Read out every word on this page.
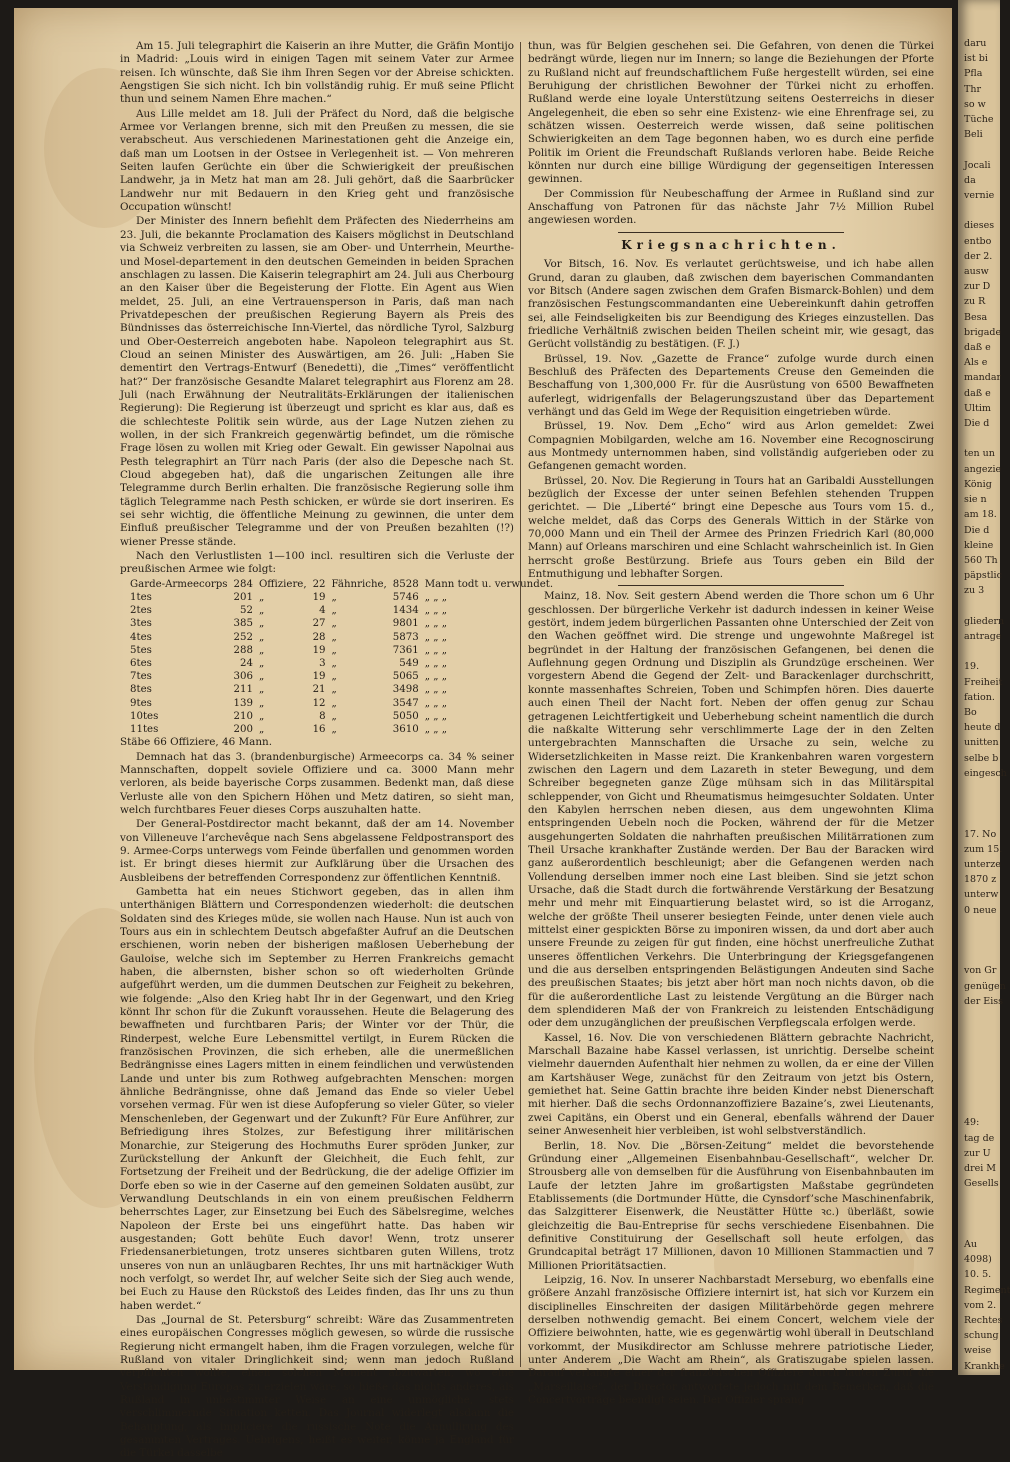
Am 15. Juli telegraphirt die Kaiserin an ihre Mutter, die Gräfin Montijo in Madrid: „Louis wird in einigen Tagen mit seinem Vater zur Armee reisen. Ich wünschte, daß Sie ihm Ihren Segen vor der Abreise schickten. Aengstigen Sie sich nicht. Ich bin vollständig ruhig. Er muß seine Pflicht thun und seinem Namen Ehre machen.“

Aus Lille meldet am 18. Juli der Präfect du Nord, daß die belgische Armee vor Verlangen brenne, sich mit den Preußen zu messen, die sie verabscheut. Aus verschiedenen Marinestationen geht die Anzeige ein, daß man um Lootsen in der Ostsee in Verlegenheit ist. — Von mehreren Seiten laufen Gerüchte ein über die Schwierigkeit der preußischen Landwehr, ja in Metz hat man am 28. Juli gehört, daß die Saarbrücker Landwehr nur mit Bedauern in den Krieg geht und französische Occupation wünscht!

Der Minister des Innern befiehlt dem Präfecten des Niederrheins am 23. Juli, die bekannte Proclamation des Kaisers möglichst in Deutschland via Schweiz verbreiten zu lassen, sie am Ober- und Unterrhein, Meurthe- und Mosel-departement in den deutschen Gemeinden in beiden Sprachen anschlagen zu lassen. Die Kaiserin telegraphirt am 24. Juli aus Cherbourg an den Kaiser über die Begeisterung der Flotte. Ein Agent aus Wien meldet, 25. Juli, an eine Vertrauensperson in Paris, daß man nach Privatdepeschen der preußischen Regierung Bayern als Preis des Bündnisses das österreichische Inn-Viertel, das nördliche Tyrol, Salzburg und Ober-Oesterreich angeboten habe. Napoleon telegraphirt aus St. Cloud an seinen Minister des Auswärtigen, am 26. Juli: „Haben Sie dementirt den Vertrags-Entwurf (Benedetti), die „Times“ veröffentlicht hat?“ Der französische Gesandte Malaret telegraphirt aus Florenz am 28. Juli (nach Erwähnung der Neutralitäts-Erklärungen der italienischen Regierung): Die Regierung ist überzeugt und spricht es klar aus, daß es die schlechteste Politik sein würde, aus der Lage Nutzen ziehen zu wollen, in der sich Frankreich gegenwärtig befindet, um die römische Frage lösen zu wollen mit Krieg oder Gewalt. Ein gewisser Napolnai aus Pesth telegraphirt an Türr nach Paris (der also die Depesche nach St. Cloud abgegeben hat), daß die ungarischen Zeitungen alle ihre Telegramme durch Berlin erhalten. Die französische Regierung solle ihm täglich Telegramme nach Pesth schicken, er würde sie dort inseriren. Es sei sehr wichtig, die öffentliche Meinung zu gewinnen, die unter dem Einfluß preußischer Telegramme und der von Preußen bezahlten (!?) wiener Presse stände.

Nach den Verlustlisten 1—100 incl. resultiren sich die Verluste der preußischen Armee wie folgt:

Garde-Armeecorps	284	Offiziere,	22	Fähnriche,	8528	Mann todt u. verwundet.
1tes	201	„	19	„	5746	„ „ „
2tes	52	„	4	„	1434	„ „ „
3tes	385	„	27	„	9801	„ „ „
4tes	252	„	28	„	5873	„ „ „
5tes	288	„	19	„	7361	„ „ „
6tes	24	„	3	„	549	„ „ „
7tes	306	„	19	„	5065	„ „ „
8tes	211	„	21	„	3498	„ „ „
9tes	139	„	12	„	3547	„ „ „
10tes	210	„	8	„	5050	„ „ „
11tes	200	„	16	„	3610	„ „ „

Stäbe 66 Offiziere, 46 Mann.

Demnach hat das 3. (brandenburgische) Armeecorps ca. 34 % seiner Mannschaften, doppelt soviele Offiziere und ca. 3000 Mann mehr verloren, als beide bayerische Corps zusammen. Bedenkt man, daß diese Verluste alle von den Spichern Höhen und Metz datiren, so sieht man, welch furchtbares Feuer dieses Corps auszuhalten hatte.

Der General-Postdirector macht bekannt, daß der am 14. November von Villeneuve l’archevêque nach Sens abgelassene Feldpostransport des 9. Armee-Corps unterwegs vom Feinde überfallen und genommen worden ist. Er bringt dieses hiermit zur Aufklärung über die Ursachen des Ausbleibens der betreffenden Correspondenz zur öffentlichen Kenntniß.

Gambetta hat ein neues Stichwort gegeben, das in allen ihm unterthänigen Blättern und Correspondenzen wiederholt: die deutschen Soldaten sind des Krieges müde, sie wollen nach Hause. Nun ist auch von Tours aus ein in schlechtem Deutsch abgefaßter Aufruf an die Deutschen erschienen, worin neben der bisherigen maßlosen Ueberhebung der Gauloise, welche sich im September zu Herren Frankreichs gemacht haben, die albernsten, bisher schon so oft wiederholten Gründe aufgeführt werden, um die dummen Deutschen zur Feigheit zu bekehren, wie folgende: „Also den Krieg habt Ihr in der Gegenwart, und den Krieg könnt Ihr schon für die Zukunft voraussehen. Heute die Belagerung des bewaffneten und furchtbaren Paris; der Winter vor der Thür, die Rinderpest, welche Eure Lebensmittel vertilgt, in Eurem Rücken die französischen Provinzen, die sich erheben, alle die unermeßlichen Bedrängnisse eines Lagers mitten in einem feindlichen und verwüstenden Lande und unter bis zum Rothweg aufgebrachten Menschen: morgen ähnliche Bedrängnisse, ohne daß Jemand das Ende so vieler Uebel vorsehen vermag. Für wen ist diese Aufopferung so vieler Güter, so vieler Menschenleben, der Gegenwart und der Zukunft? Für Eure Anführer, zur Befriedigung ihres Stolzes, zur Befestigung ihrer militärischen Monarchie, zur Steigerung des Hochmuths Eurer spröden Junker, zur Zurückstellung der Ankunft der Gleichheit, die Euch fehlt, zur Fortsetzung der Freiheit und der Bedrückung, die der adelige Offizier im Dorfe eben so wie in der Caserne auf den gemeinen Soldaten ausübt, zur Verwandlung Deutschlands in ein von einem preußischen Feldherrn beherrschtes Lager, zur Einsetzung bei Euch des Säbelsregime, welches Napoleon der Erste bei uns eingeführt hatte. Das haben wir ausgestanden; Gott behüte Euch davor! Wenn, trotz unserer Friedensanerbietungen, trotz unseres sichtbaren guten Willens, trotz unseres von nun an unläugbaren Rechtes, Ihr uns mit hartnäckiger Wuth noch verfolgt, so werdet Ihr, auf welcher Seite sich der Sieg auch wende, bei Euch zu Hause den Rückstoß des Leides finden, das Ihr uns zu thun haben werdet.“

Das „Journal de St. Petersburg“ schreibt: Wäre das Zusammentreten eines europäischen Congresses möglich gewesen, so würde die russische Regierung nicht ermangelt haben, ihm die Fragen vorzulegen, welche für Rußland von vitaler Dringlichkeit sind; wenn man jedoch Rußland verpflichten wollte, einen solchen Moment abzuwarten, wo eine Verständigung Europas zu erzielen wäre, so hieße das nichts anderes, als Rußland in unbestimmter Weise an eine unmögliche, stets verschlimmernde Situation ketten. Das Journal widerlegt alsdann die Behauptung, als impliciere die russische Note die Annullirung des gesammten Vertrages. Uebrigens, heißt es weiter, könne ja England für die Türkei dasselbe

thun, was für Belgien geschehen sei. Die Gefahren, von denen die Türkei bedrängt würde, liegen nur im Innern; so lange die Beziehungen der Pforte zu Rußland nicht auf freundschaftlichem Fuße hergestellt würden, sei eine Beruhigung der christlichen Bewohner der Türkei nicht zu erhoffen. Rußland werde eine loyale Unterstützung seitens Oesterreichs in dieser Angelegenheit, die eben so sehr eine Existenz- wie eine Ehrenfrage sei, zu schätzen wissen. Oesterreich werde wissen, daß seine politischen Schwierigkeiten an dem Tage begonnen haben, wo es durch eine perfide Politik im Orient die Freundschaft Rußlands verloren habe. Beide Reiche könnten nur durch eine billige Würdigung der gegenseitigen Interessen gewinnen.

Der Commission für Neubeschaffung der Armee in Rußland sind zur Anschaffung von Patronen für das nächste Jahr 7½ Million Rubel angewiesen worden.

Kriegsnachrichten.

Vor Bitsch, 16. Nov. Es verlautet gerüchtsweise, und ich habe allen Grund, daran zu glauben, daß zwischen dem bayerischen Commandanten vor Bitsch (Andere sagen zwischen dem Grafen Bismarck-Bohlen) und dem französischen Festungscommandanten eine Uebereinkunft dahin getroffen sei, alle Feindseligkeiten bis zur Beendigung des Krieges einzustellen. Das friedliche Verhältniß zwischen beiden Theilen scheint mir, wie gesagt, das Gerücht vollständig zu bestätigen. (F. J.)

Brüssel, 19. Nov. „Gazette de France“ zufolge wurde durch einen Beschluß des Präfecten des Departements Creuse den Gemeinden die Beschaffung von 1,300,000 Fr. für die Ausrüstung von 6500 Bewaffneten auferlegt, widrigenfalls der Belagerungszustand über das Departement verhängt und das Geld im Wege der Requisition eingetrieben würde.

Brüssel, 19. Nov. Dem „Echo“ wird aus Arlon gemeldet: Zwei Compagnien Mobilgarden, welche am 16. November eine Recognoscirung aus Montmedy unternommen haben, sind vollständig aufgerieben oder zu Gefangenen gemacht worden.

Brüssel, 20. Nov. Die Regierung in Tours hat an Garibaldi Ausstellungen bezüglich der Excesse der unter seinen Befehlen stehenden Truppen gerichtet. — Die „Liberté“ bringt eine Depesche aus Tours vom 15. d., welche meldet, daß das Corps des Generals Wittich in der Stärke von 70,000 Mann und ein Theil der Armee des Prinzen Friedrich Karl (80,000 Mann) auf Orleans marschiren und eine Schlacht wahrscheinlich ist. In Gien herrscht große Bestürzung. Briefe aus Tours geben ein Bild der Entmuthigung und lebhafter Sorgen.

Mainz, 18. Nov. Seit gestern Abend werden die Thore schon um 6 Uhr geschlossen. Der bürgerliche Verkehr ist dadurch indessen in keiner Weise gestört, indem jedem bürgerlichen Passanten ohne Unterschied der Zeit von den Wachen geöffnet wird. Die strenge und ungewohnte Maßregel ist begründet in der Haltung der französischen Gefangenen, bei denen die Auflehnung gegen Ordnung und Disziplin als Grundzüge erscheinen. Wer vorgestern Abend die Gegend der Zelt- und Barackenlager durchschritt, konnte massenhaftes Schreien, Toben und Schimpfen hören. Dies dauerte auch einen Theil der Nacht fort. Neben der offen genug zur Schau getragenen Leichtfertigkeit und Ueberhebung scheint namentlich die durch die naßkalte Witterung sehr verschlimmerte Lage der in den Zelten untergebrachten Mannschaften die Ursache zu sein, welche zu Widersetzlichkeiten in Masse reizt. Die Krankenbahren waren vorgestern zwischen den Lagern und dem Lazareth in steter Bewegung, und dem Schreiber begegneten ganze Züge mühsam sich in das Militärspital schleppender, von Gicht und Rheumatismus heimgesuchter Soldaten. Unter den Kabylen herrschen neben diesen, aus dem ungewohnten Klima entspringenden Uebeln noch die Pocken, während der für die Metzer ausgehungerten Soldaten die nahrhaften preußischen Militärrationen zum Theil Ursache krankhafter Zustände werden. Der Bau der Baracken wird ganz außerordentlich beschleunigt; aber die Gefangenen werden nach Vollendung derselben immer noch eine Last bleiben. Sind sie jetzt schon Ursache, daß die Stadt durch die fortwährende Verstärkung der Besatzung mehr und mehr mit Einquartierung belastet wird, so ist die Arroganz, welche der größte Theil unserer besiegten Feinde, unter denen viele auch mittelst einer gespickten Börse zu imponiren wissen, da und dort aber auch unsere Freunde zu zeigen für gut finden, eine höchst unerfreuliche Zuthat unseres öffentlichen Verkehrs. Die Unterbringung der Kriegsgefangenen und die aus derselben entspringenden Belästigungen Andeuten sind Sache des preußischen Staates; bis jetzt aber hört man noch nichts davon, ob die für die außerordentliche Last zu leistende Vergütung an die Bürger nach dem splendideren Maß der von Frankreich zu leistenden Entschädigung oder dem unzugänglichen der preußischen Verpflegscala erfolgen werde.

Kassel, 16. Nov. Die von verschiedenen Blättern gebrachte Nachricht, Marschall Bazaine habe Kassel verlassen, ist unrichtig. Derselbe scheint vielmehr dauernden Aufenthalt hier nehmen zu wollen, da er eine der Villen am Kartshäuser Wege, zunächst für den Zeitraum von jetzt bis Ostern, gemiethet hat. Seine Gattin brachte ihre beiden Kinder nebst Dienerschaft mit hierher. Daß die sechs Ordonnanzoffiziere Bazaine’s, zwei Lieutenants, zwei Capitäns, ein Oberst und ein General, ebenfalls während der Dauer seiner Anwesenheit hier verbleiben, ist wohl selbstverständlich.

Berlin, 18. Nov. Die „Börsen-Zeitung“ meldet die bevorstehende Gründung einer „Allgemeinen Eisenbahnbau-Gesellschaft“, welcher Dr. Strousberg alle von demselben für die Ausführung von Eisenbahnbauten im Laufe der letzten Jahre im großartigsten Maßstabe gegründeten Etablissements (die Dortmunder Hütte, die Cynsdorf’sche Maschinenfabrik, das Salzgitterer Eisenwerk, die Neustätter Hütte ꝛc.) überläßt, sowie gleichzeitig die Bau-Entreprise für sechs verschiedene Eisenbahnen. Die definitive Constituirung der Gesellschaft soll heute erfolgen, das Grundcapital beträgt 17 Millionen, davon 10 Millionen Stammactien und 7 Millionen Prioritätsactien.

Leipzig, 16. Nov. In unserer Nachbarstadt Merseburg, wo ebenfalls eine größere Anzahl französische Offiziere internirt ist, hat sich vor Kurzem ein disciplinelles Einschreiten der dasigen Militärbehörde gegen mehrere derselben nothwendig gemacht. Bei einem Concert, welchem viele der Offiziere beiwohnten, hatte, wie es gegenwärtig wohl überall in Deutschland vorkommt, der Musikdirector am Schlusse mehrere patriotische Lieder, unter Anderem „Die Wacht am Rhein“, als Gratiszugabe spielen lassen. Darauf verlangte einer der französischen Offiziere durch lauten Zuruf die „Marseillaise“, der Director antwortete jedoch mit dem Bemerken, daß die Concertvorträge beendigt seien. Der Offizier sprang

daru
ist bi
Pfla
Thr
so w
Tüche
Beli

Jocali
da
vernie

dieses
entbo
der 2.
ausw
zur D
zu R
Besa
brigade
daß e
Als e
mandar
daß e
Ultim
Die d

ten un
angezie
König
sie n
am 18.
Die d
kleine
560 Th
päpstlic
zu 3

gliedern
antrage

19.
Freiheit
fation.
Bo
heute d
unitten
selbe b
eingesch

17. No
zum 15.
unterze
1870 z
unterw
0 neue

von Gr
genügen
der Eiss

49:
tag de
zur U
drei M
Gesells

Au
4098)
10. 5.
Regiment
vom 2.
Rechtes
schung
weise
Krankhe
